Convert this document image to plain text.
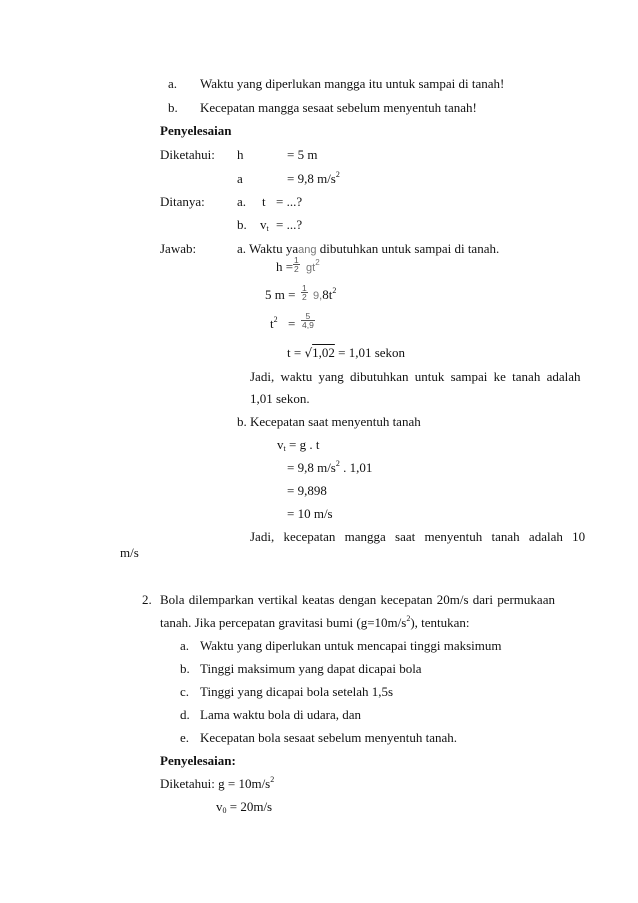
a. Waktu yang diperlukan mangga itu untuk sampai di tanah!
b. Kecepatan mangga sesaat sebelum menyentuh tanah!
Penyelesaian
Diketahui: h	= 5 m
a	= 9,8 $m/s^2$
Ditanya: a. t = ...?
b. $v_t$ = ...?
Jawab:	a. Waktu yaang dibutuhkan untuk sampai di tanah.
$h = \frac{1}{2} gt^2$
5 $m = \frac{1}{2} 9,8t^2$
$t^2 = \frac{5}{4,9}$
t = √1,02 = 1,01 sekon
Jadi, waktu yang dibutuhkan untuk sampai ke tanah adalah
1,01 sekon.
b. Kecepatan saat menyentuh tanah
$v_t = g$ . t
= 9,8 $m/s^2$ . 1,01
= 9,898
= 10 m/s
Jadi, kecepatan mangga saat menyentuh tanah adalah 10
m/s
2. Bola dilemparkan vertikal keatas dengan kecepatan 20m/s dari permukaan
tanah. Jika percepatan gravitasi bumi $(g=10m/s^2)$, tentukan:
a. Waktu yang diperlukan untuk mencapai tinggi maksimum
b. Tinggi maksimum yang dapat dicapai bola
c. Tinggi yang dicapai bola setelah 1,5s
d. Lama waktu bola di udara, dan
e. Kecepatan bola sesaat sebelum menyentuh tanah.
Penyelesaian:
Diketahui: $g = 10m/s^2$
$v_0 = 20m/s$
